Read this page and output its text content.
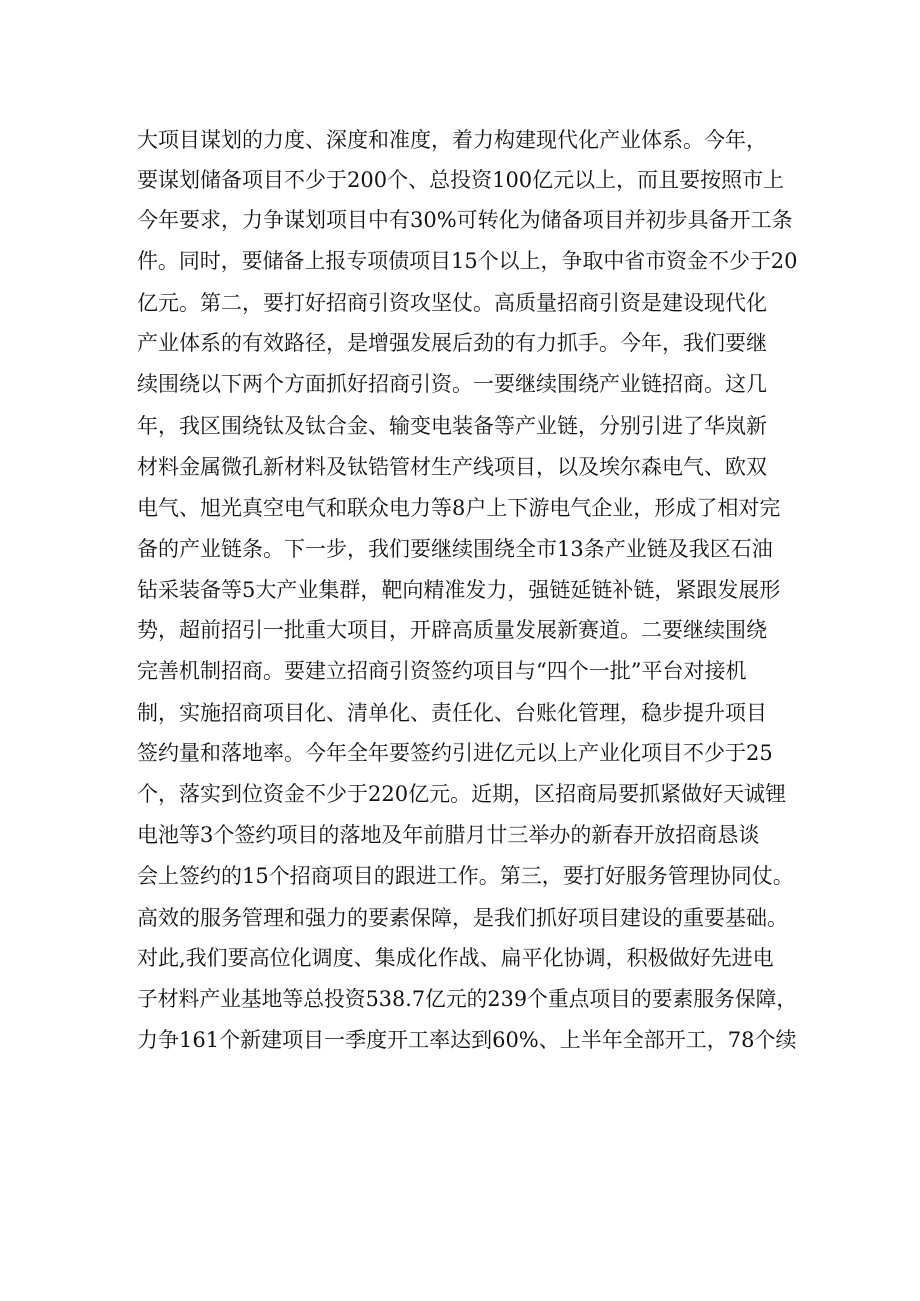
大项目谋划的力度、深度和准度，着力构建现代化产业体系。今年，
要谋划储备项目不少于200个、总投资100亿元以上，而且要按照市上
今年要求，力争谋划项目中有30%可转化为储备项目并初步具备开工条
件。同时，要储备上报专项债项目15个以上，争取中省市资金不少于20
亿元。第二，要打好招商引资攻坚仗。高质量招商引资是建设现代化
产业体系的有效路径，是增强发展后劲的有力抓手。今年，我们要继
续围绕以下两个方面抓好招商引资。一要继续围绕产业链招商。这几
年，我区围绕钛及钛合金、输变电装备等产业链，分别引进了华岚新
材料金属微孔新材料及钛锆管材生产线项目，以及埃尔森电气、欧双
电气、旭光真空电气和联众电力等8户上下游电气企业，形成了相对完
备的产业链条。下一步，我们要继续围绕全市13条产业链及我区石油
钻采装备等5大产业集群，靶向精准发力，强链延链补链，紧跟发展形
势，超前招引一批重大项目，开辟高质量发展新赛道。二要继续围绕
完善机制招商。要建立招商引资签约项目与“四个一批”平台对接机
制，实施招商项目化、清单化、责任化、台账化管理，稳步提升项目
签约量和落地率。今年全年要签约引进亿元以上产业化项目不少于25
个，落实到位资金不少于220亿元。近期，区招商局要抓紧做好天诚锂
电池等3个签约项目的落地及年前腊月廿三举办的新春开放招商恳谈
会上签约的15个招商项目的跟进工作。第三，要打好服务管理协同仗。
高效的服务管理和强力的要素保障，是我们抓好项目建设的重要基础。
对此,我们要高位化调度、集成化作战、扁平化协调，积极做好先进电
子材料产业基地等总投资538.7亿元的239个重点项目的要素服务保障，
力争161个新建项目一季度开工率达到60%、上半年全部开工，78个续
